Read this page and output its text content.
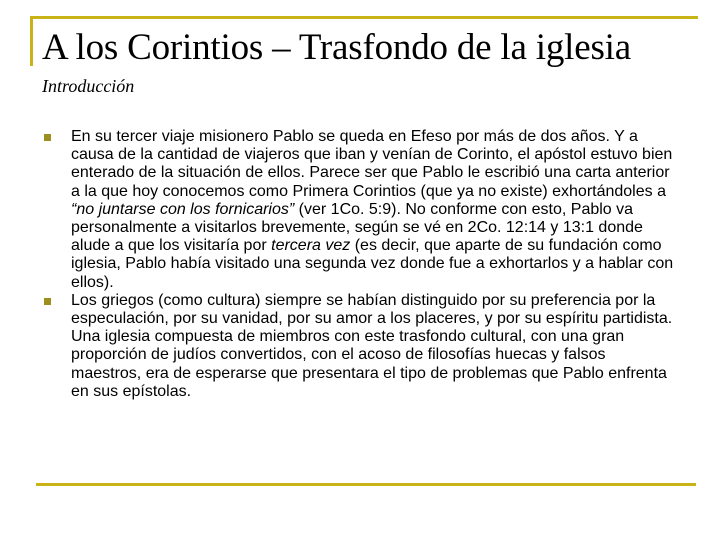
A los Corintios – Trasfondo de la iglesia
Introducción
En su tercer viaje misionero Pablo se queda en Efeso por más de dos años. Y a causa de la cantidad de viajeros que iban y venían de Corinto, el apóstol estuvo bien enterado de la situación de ellos. Parece ser que Pablo le escribió una carta anterior a la que hoy conocemos como Primera Corintios (que ya no existe) exhortándoles a “no juntarse con los fornicarios” (ver 1Co. 5:9). No conforme con esto, Pablo va personalmente a visitarlos brevemente, según se vé en 2Co. 12:14 y 13:1 donde alude a que los visitaría por tercera vez (es decir, que aparte de su fundación como iglesia, Pablo había visitado una segunda vez donde fue a exhortarlos y a hablar con ellos).
Los griegos (como cultura) siempre se habían distinguido por su preferencia por la especulación, por su vanidad, por su amor a los placeres, y por su espíritu partidista. Una iglesia compuesta de miembros con este trasfondo cultural, con una gran proporción de judíos convertidos, con el acoso de filosofías huecas y falsos maestros, era de esperarse que presentara el tipo de problemas que Pablo enfrenta en sus epístolas.
